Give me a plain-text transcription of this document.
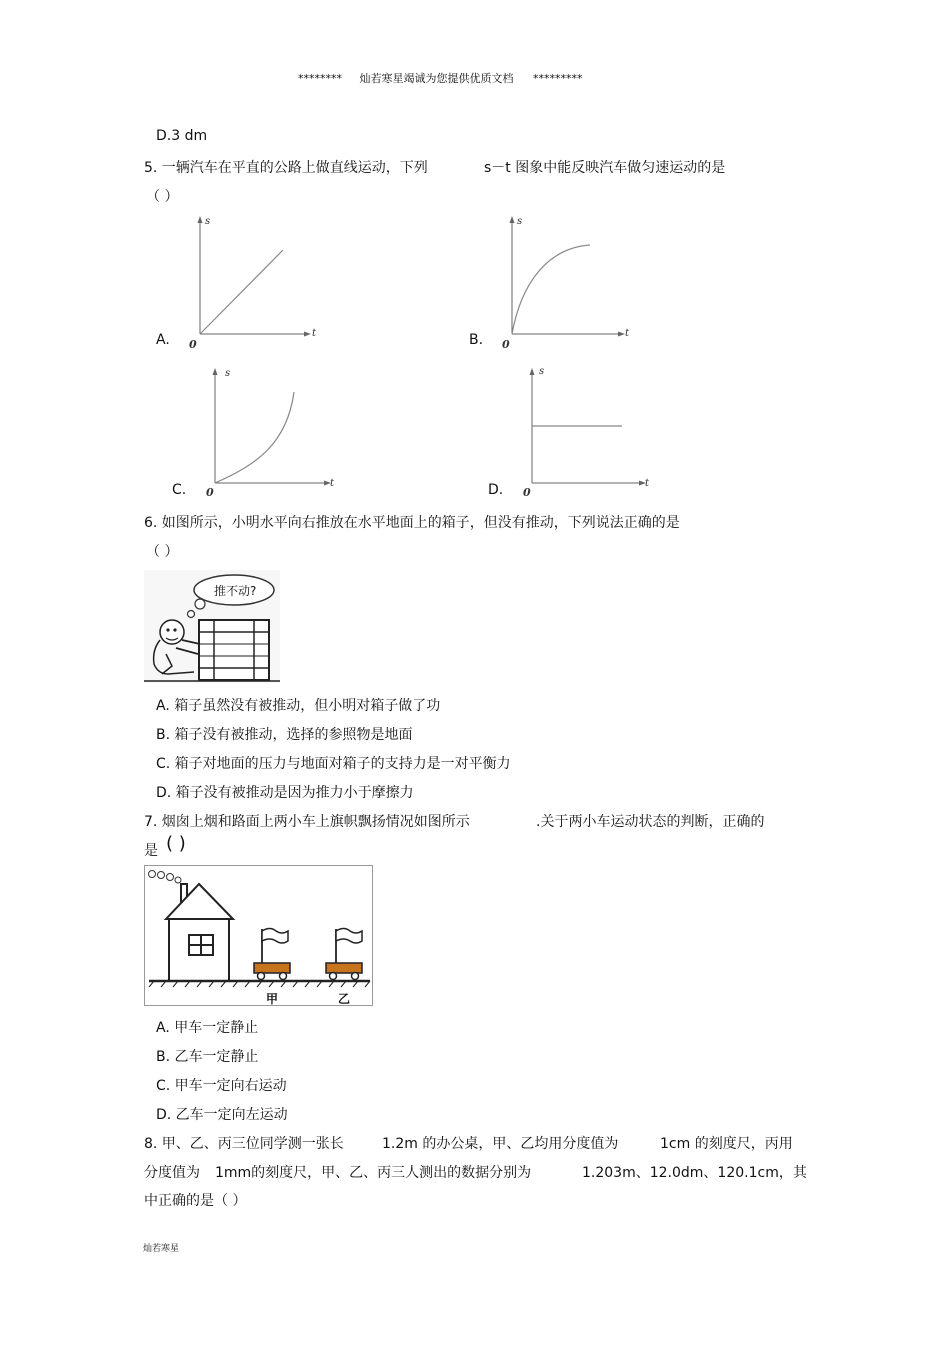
******** 灿若寒星竭诚为您提供优质文档 *********
D.3 dm
5. 一辆汽车在平直的公路上做直线运动，下列	s－t 图象中能反映汽车做匀速运动的是
（ ）
A.
s
t
0	B.
s
t
0
C.
s
t
0	D.
s
t
0
6. 如图所示，小明水平向右推放在水平地面上的箱子，但没有推动，下列说法正确的是
（ ）
推不动?
A. 箱子虽然没有被推动，但小明对箱子做了功
B. 箱子没有被推动，选择的参照物是地面
C. 箱子对地面的压力与地面对箱子的支持力是一对平衡力
D. 箱子没有被推动是因为推力小于摩擦力
7. 烟囱上烟和路面上两小车上旗帜飘扬情况如图所示	.关于两小车运动状态的判断，正确的
是 ( )
甲	乙
A. 甲车一定静止
B. 乙车一定静止
C. 甲车一定向右运动
D. 乙车一定向左运动
8. 甲、乙、丙三位同学测一张长	1.2m 的办公桌，甲、乙均用分度值为	1cm 的刻度尺，丙用
分度值为 1mm的刻度尺，甲、乙、丙三人测出的数据分别为	1.203m、12.0dm、120.1cm，其
中正确的是（ ）
灿若寒星
